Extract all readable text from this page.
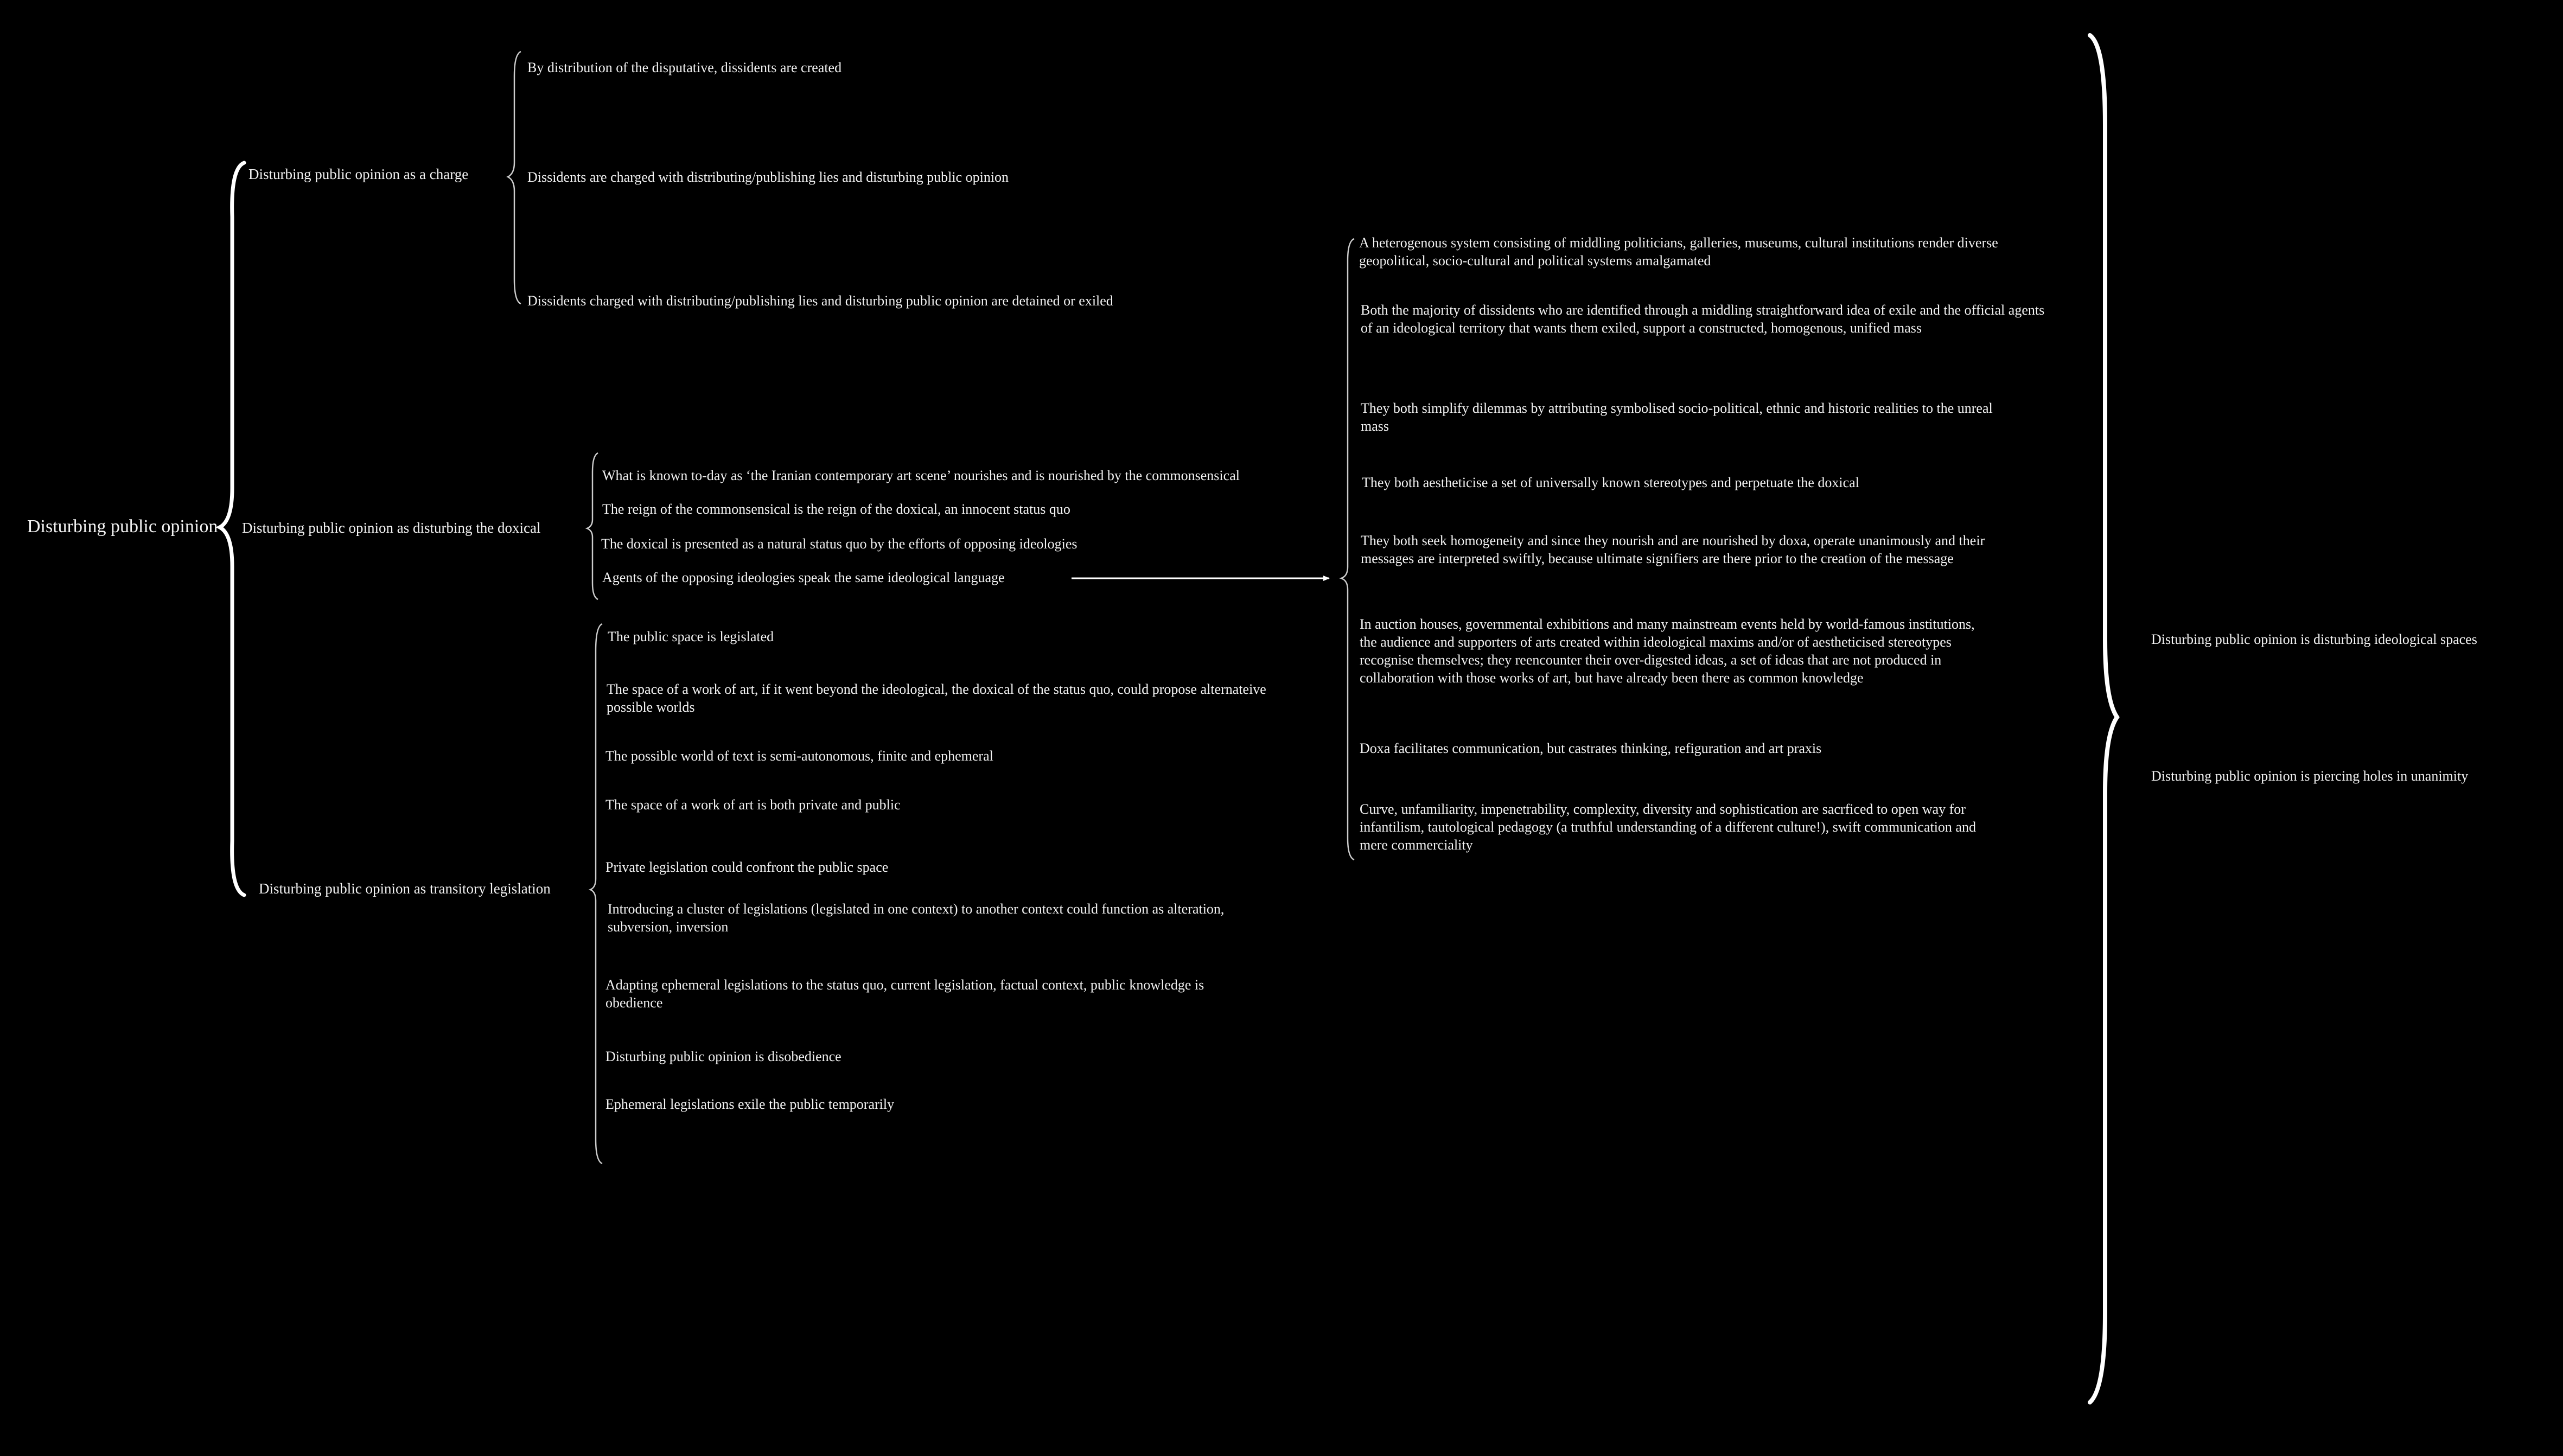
Disturbing public opinion
Disturbing public opinion as a charge
Disturbing public opinion as disturbing the doxical
Disturbing public opinion as transitory legislation
By distribution of the disputative, dissidents are created
Dissidents are charged with distributing/publishing lies and disturbing public opinion
Dissidents charged with distributing/publishing lies and disturbing public opinion are detained or exiled
What is known to-day as ‘the Iranian contemporary art scene’ nourishes and is nourished by the commonsensical
The reign of the commonsensical is the reign of the doxical, an innocent status quo
The doxical is presented as a natural status quo by the efforts of opposing ideologies
Agents of the opposing ideologies speak the same ideological language
The public space is legislated
The space of a work of art, if it went beyond the ideological, the doxical of the status quo, could propose alternateive possible worlds
The possible world of text is semi-autonomous, finite and ephemeral
The space of a work of art is both private and public
Private legislation could confront the public space
Introducing a cluster of legislations (legislated in one context) to another context could function as alteration, subversion, inversion
Adapting ephemeral legislations to the status quo, current legislation, factual context, public knowledge is obedience
Disturbing public opinion is disobedience
Ephemeral legislations exile the public temporarily
A heterogenous system consisting of middling politicians, galleries, museums, cultural institutions render diverse geopolitical, socio-cultural and political systems amalgamated
Both the majority of dissidents who are identified through a middling straightforward idea of exile and the official agents of an ideological territory that wants them exiled, support a constructed, homogenous, unified mass
They both simplify dilemmas by attributing symbolised socio-political, ethnic and historic realities to the unreal mass
They both aestheticise a set of universally known stereotypes and perpetuate the doxical
They both seek homogeneity and since they nourish and are nourished by doxa, operate unanimously and their messages are interpreted swiftly, because ultimate signifiers are there prior to the creation of the message
In auction houses, governmental exhibitions and many mainstream events held by world-famous institutions, the audience and supporters of arts created within ideological maxims and/or of aestheticised stereotypes recognise themselves; they reencounter their over-digested ideas, a set of ideas that are not produced in collaboration with those works of art, but have already been there as common knowledge
Doxa facilitates communication, but castrates thinking, refiguration and art praxis
Curve, unfamiliarity, impenetrability, complexity, diversity and sophistication are sacrficed to open way for infantilism, tautological pedagogy (a truthful understanding of a different culture!), swift communication and mere commerciality
Disturbing public opinion is disturbing ideological spaces
Disturbing public opinion is piercing holes in unanimity
